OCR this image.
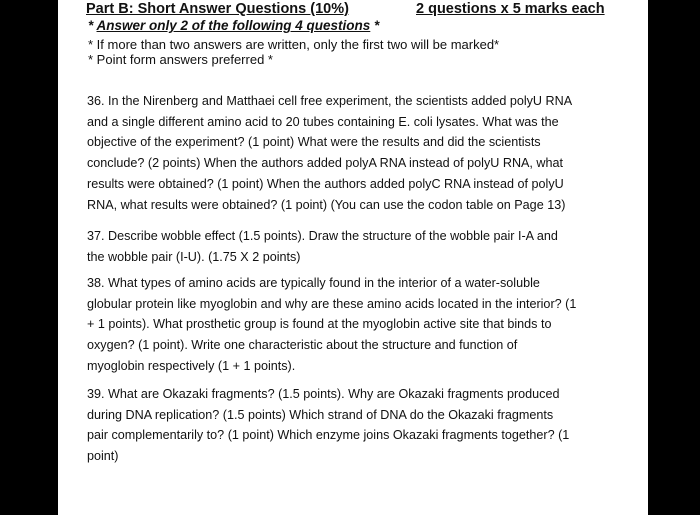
Part B: Short Answer Questions (10%)	2 questions x 5 marks each
* Answer only 2 of the following 4 questions *
* If more than two answers are written, only the first two will be marked*
* Point form answers preferred *
36. In the Nirenberg and Matthaei cell free experiment, the scientists added polyU RNA
and a single different amino acid to 20 tubes containing E. coli lysates. What was the
objective of the experiment? (1 point) What were the results and did the scientists
conclude? (2 points) When the authors added polyA RNA instead of polyU RNA, what
results were obtained? (1 point) When the authors added polyC RNA instead of polyU
RNA, what results were obtained? (1 point) (You can use the codon table on Page 13)
37. Describe wobble effect (1.5 points). Draw the structure of the wobble pair I-A and
the wobble pair (I-U). (1.75 X 2 points)
38. What types of amino acids are typically found in the interior of a water-soluble
globular protein like myoglobin and why are these amino acids located in the interior? (1
+ 1 points). What prosthetic group is found at the myoglobin active site that binds to
oxygen? (1 point). Write one characteristic about the structure and function of
myoglobin respectively (1 + 1 points).
39. What are Okazaki fragments? (1.5 points). Why are Okazaki fragments produced
during DNA replication? (1.5 points) Which strand of DNA do the Okazaki fragments
pair complementarily to? (1 point) Which enzyme joins Okazaki fragments together? (1
point)
